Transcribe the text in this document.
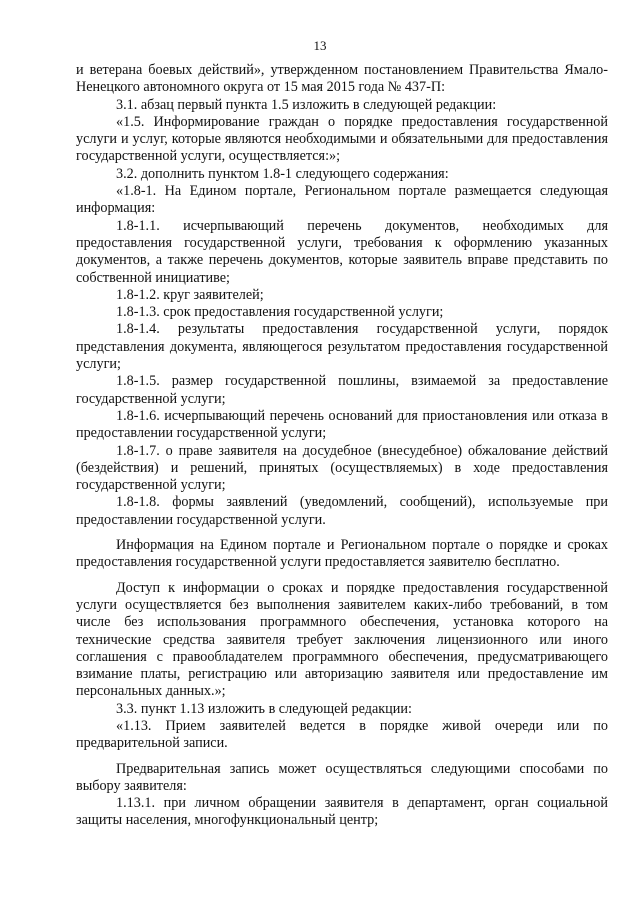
13

и ветерана боевых действий», утвержденном постановлением Правительства Ямало-Ненецкого автономного округа от 15 мая 2015 года № 437-П:

3.1. абзац первый пункта 1.5 изложить в следующей редакции:

«1.5. Информирование граждан о порядке предоставления государственной услуги и услуг, которые являются необходимыми и обязательными для предоставления государственной услуги, осуществляется:»;

3.2. дополнить пунктом 1.8-1 следующего содержания:

«1.8-1. На Едином портале, Региональном портале размещается следующая информация:

1.8-1.1. исчерпывающий перечень документов, необходимых для предоставления государственной услуги, требования к оформлению указанных документов, а также перечень документов, которые заявитель вправе представить по собственной инициативе;

1.8-1.2. круг заявителей;

1.8-1.3. срок предоставления государственной услуги;

1.8-1.4. результаты предоставления государственной услуги, порядок представления документа, являющегося результатом предоставления государственной услуги;

1.8-1.5. размер государственной пошлины, взимаемой за предоставление государственной услуги;

1.8-1.6. исчерпывающий перечень оснований для приостановления или отказа в предоставлении государственной услуги;

1.8-1.7. о праве заявителя на досудебное (внесудебное) обжалование действий (бездействия) и решений, принятых (осуществляемых) в ходе предоставления государственной услуги;

1.8-1.8. формы заявлений (уведомлений, сообщений), используемые при предоставлении государственной услуги.

Информация на Едином портале и Региональном портале о порядке и сроках предоставления государственной услуги предоставляется заявителю бесплатно.

Доступ к информации о сроках и порядке предоставления государственной услуги осуществляется без выполнения заявителем каких-либо требований, в том числе без использования программного обеспечения, установка которого на технические средства заявителя требует заключения лицензионного или иного соглашения с правообладателем программного обеспечения, предусматривающего взимание платы, регистрацию или авторизацию заявителя или предоставление им персональных данных.»;

3.3. пункт 1.13 изложить в следующей редакции:

«1.13. Прием заявителей ведется в порядке живой очереди или по предварительной записи.

Предварительная запись может осуществляться следующими способами по выбору заявителя:

1.13.1. при личном обращении заявителя в департамент, орган социальной защиты населения, многофункциональный центр;
